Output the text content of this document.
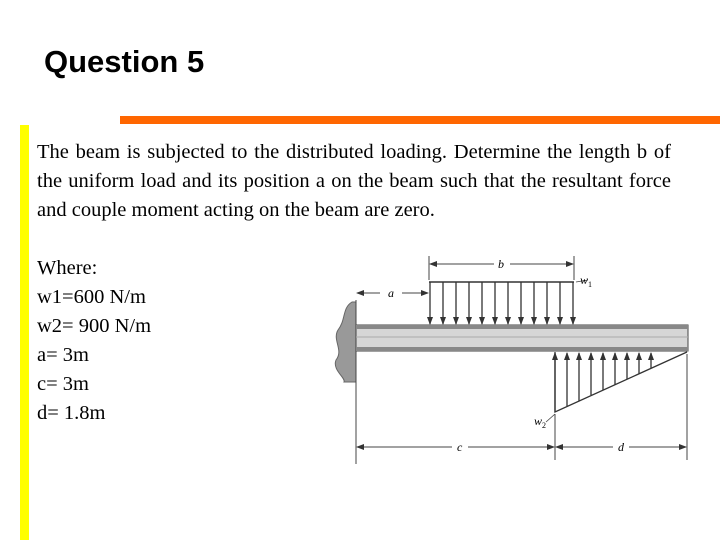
Question 5

The beam is subjected to the distributed loading. Determine the length b of the uniform load and its position a on the beam such that the resultant force and couple moment acting on the beam are zero.

Where:
w1=600 N/m
w2= 900 N/m
a= 3m
c= 3m
d= 1.8m
b
$w_1$
a
$w_2$
c	d
